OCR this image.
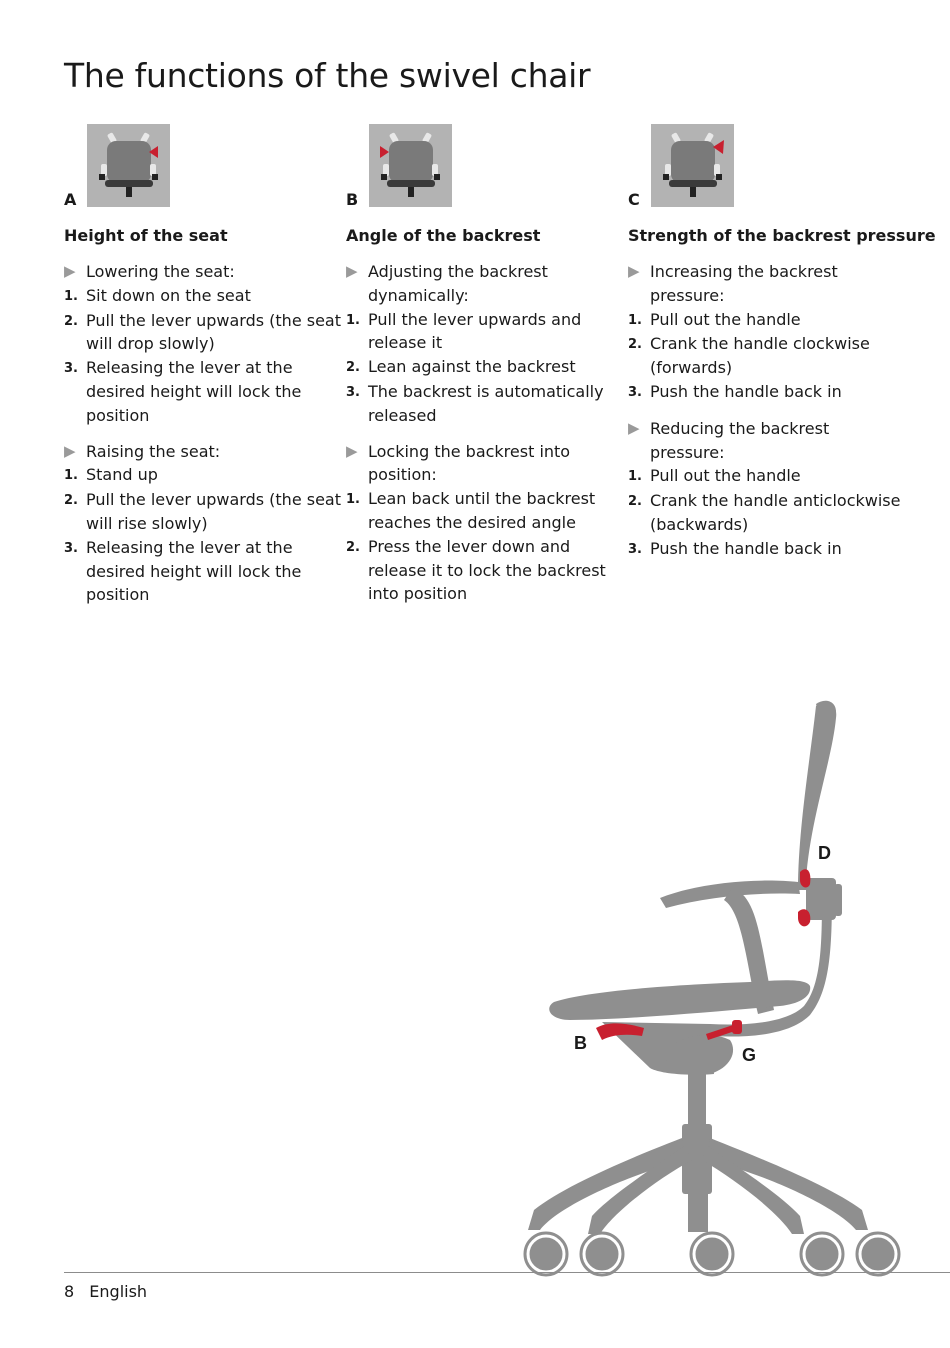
The functions of the swivel chair
A
Height of the seat
▶ Lowering the seat:
1. Sit down on the seat
2. Pull the lever upwards (the seat will drop slowly)
3. Releasing the lever at the desired height will lock the position
▶ Raising the seat:
1. Stand up
2. Pull the lever upwards (the seat will rise slowly)
3. Releasing the lever at the desired height will lock the position
B
Angle of the backrest
▶ Adjusting the backrest dynamically:
1. Pull the lever upwards and release it
2. Lean against the backrest
3. The backrest is automatically released
▶ Locking the backrest into position:
1. Lean back until the backrest reaches the desired angle
2. Press the lever down and release it to lock the backrest into position
C
Strength of the backrest pressure
▶ Increasing the backrest pressure:
1. Pull out the handle
2. Crank the handle clockwise (forwards)
3. Push the handle back in
▶ Reducing the backrest pressure:
1. Pull out the handle
2. Crank the handle anticlockwise (backwards)
3. Push the handle back in
D
B
G
8 English
